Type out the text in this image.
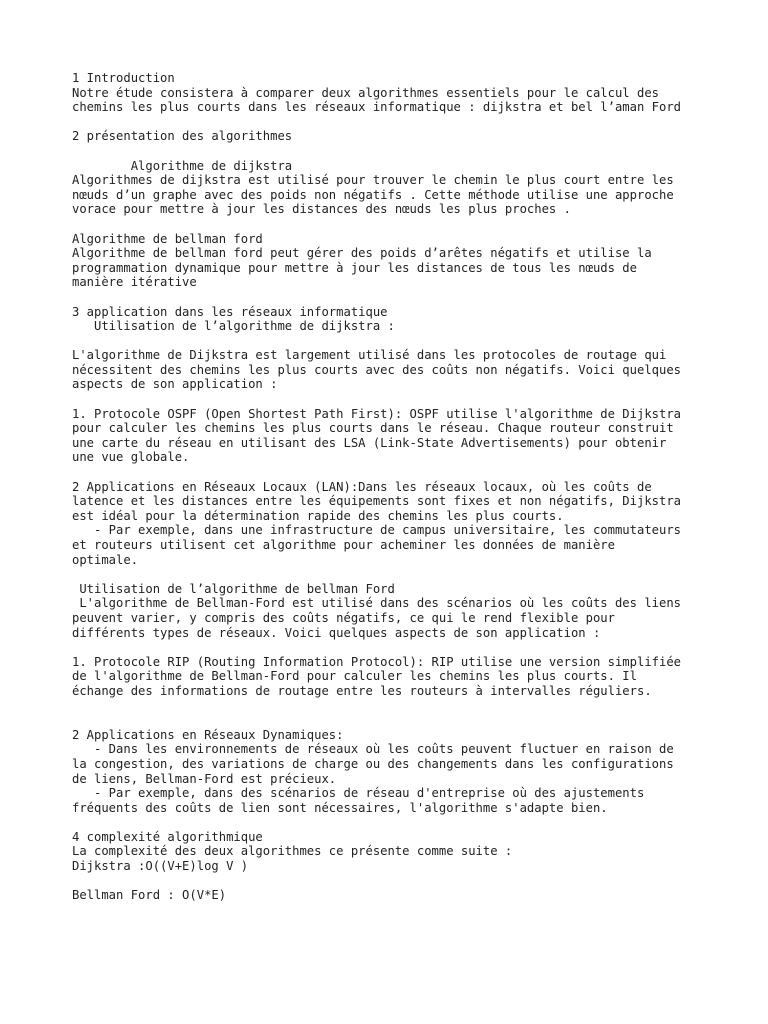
1 Introduction
Notre étude consistera à comparer deux algorithmes essentiels pour le calcul des
chemins les plus courts dans les réseaux informatique : dijkstra et bel l’aman Ford
2 présentation des algorithmes
Algorithme de dijkstra
Algorithmes de dijkstra est utilisé pour trouver le chemin le plus court entre les
nœuds d’un graphe avec des poids non négatifs . Cette méthode utilise une approche
vorace pour mettre à jour les distances des nœuds les plus proches .
Algorithme de bellman ford
Algorithme de bellman ford peut gérer des poids d’arêtes négatifs et utilise la
programmation dynamique pour mettre à jour les distances de tous les nœuds de
manière itérative
3 application dans les réseaux informatique
Utilisation de l’algorithme de dijkstra :
L'algorithme de Dijkstra est largement utilisé dans les protocoles de routage qui
nécessitent des chemins les plus courts avec des coûts non négatifs. Voici quelques
aspects de son application :
1. Protocole OSPF (Open Shortest Path First): OSPF utilise l'algorithme de Dijkstra
pour calculer les chemins les plus courts dans le réseau. Chaque routeur construit
une carte du réseau en utilisant des LSA (Link-State Advertisements) pour obtenir
une vue globale.
2 Applications en Réseaux Locaux (LAN):Dans les réseaux locaux, où les coûts de
latence et les distances entre les équipements sont fixes et non négatifs, Dijkstra
est idéal pour la détermination rapide des chemins les plus courts.
- Par exemple, dans une infrastructure de campus universitaire, les commutateurs
et routeurs utilisent cet algorithme pour acheminer les données de manière
optimale.
Utilisation de l’algorithme de bellman Ford
L'algorithme de Bellman-Ford est utilisé dans des scénarios où les coûts des liens
peuvent varier, y compris des coûts négatifs, ce qui le rend flexible pour
différents types de réseaux. Voici quelques aspects de son application :
1. Protocole RIP (Routing Information Protocol): RIP utilise une version simplifiée
de l'algorithme de Bellman-Ford pour calculer les chemins les plus courts. Il
échange des informations de routage entre les routeurs à intervalles réguliers.
2 Applications en Réseaux Dynamiques:
- Dans les environnements de réseaux où les coûts peuvent fluctuer en raison de
la congestion, des variations de charge ou des changements dans les configurations
de liens, Bellman-Ford est précieux.
- Par exemple, dans des scénarios de réseau d'entreprise où des ajustements
fréquents des coûts de lien sont nécessaires, l'algorithme s'adapte bien.
4 complexité algorithmique
La complexité des deux algorithmes ce présente comme suite :
Dijkstra :O((V+E)log V )
Bellman Ford : O(V*E)
